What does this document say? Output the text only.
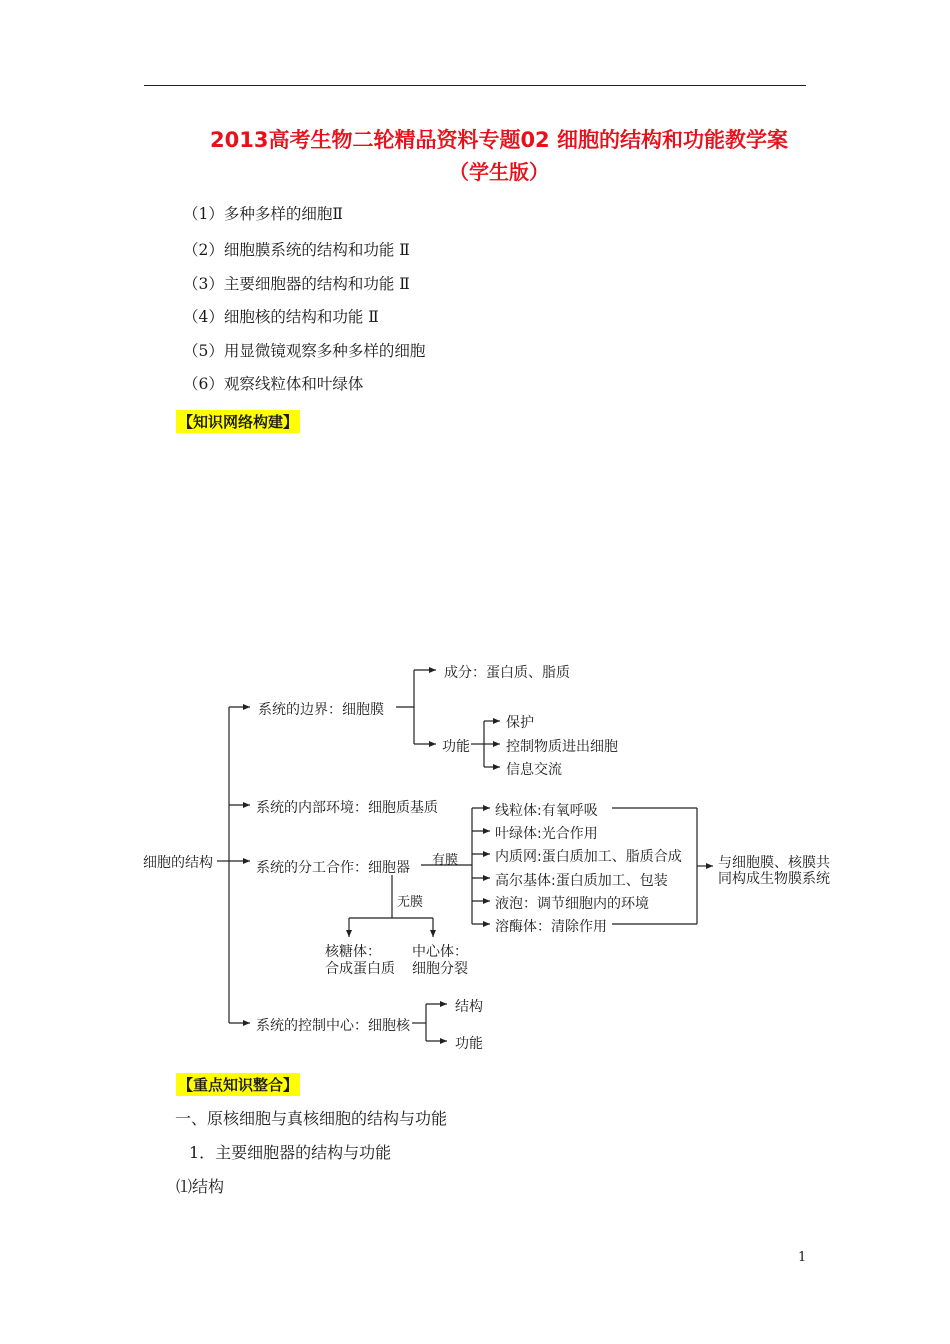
2013高考生物二轮精品资料专题02 细胞的结构和功能教学案
（学生版）
（1）多种多样的细胞Ⅱ
（2）细胞膜系统的结构和功能 Ⅱ
（3）主要细胞器的结构和功能 Ⅱ
（4）细胞核的结构和功能 Ⅱ
（5）用显微镜观察多种多样的细胞
（6）观察线粒体和叶绿体
【知识网络构建】
细胞的结构
系统的边界：细胞膜
成分：蛋白质、脂质
功能
保护
控制物质进出细胞
信息交流
系统的内部环境：细胞质基质
系统的分工合作：细胞器 有膜
无膜
线粒体:有氧呼吸
叶绿体:光合作用
内质网:蛋白质加工、脂质合成
高尔基体:蛋白质加工、包装
液泡：调节细胞内的环境
溶酶体：清除作用
与细胞膜、核膜共
同构成生物膜系统
核糖体：
合成蛋白质
中心体：
细胞分裂
系统的控制中心：细胞核
结构
功能
【重点知识整合】
一、原核细胞与真核细胞的结构与功能
1．主要细胞器的结构与功能
⑴结构
1
